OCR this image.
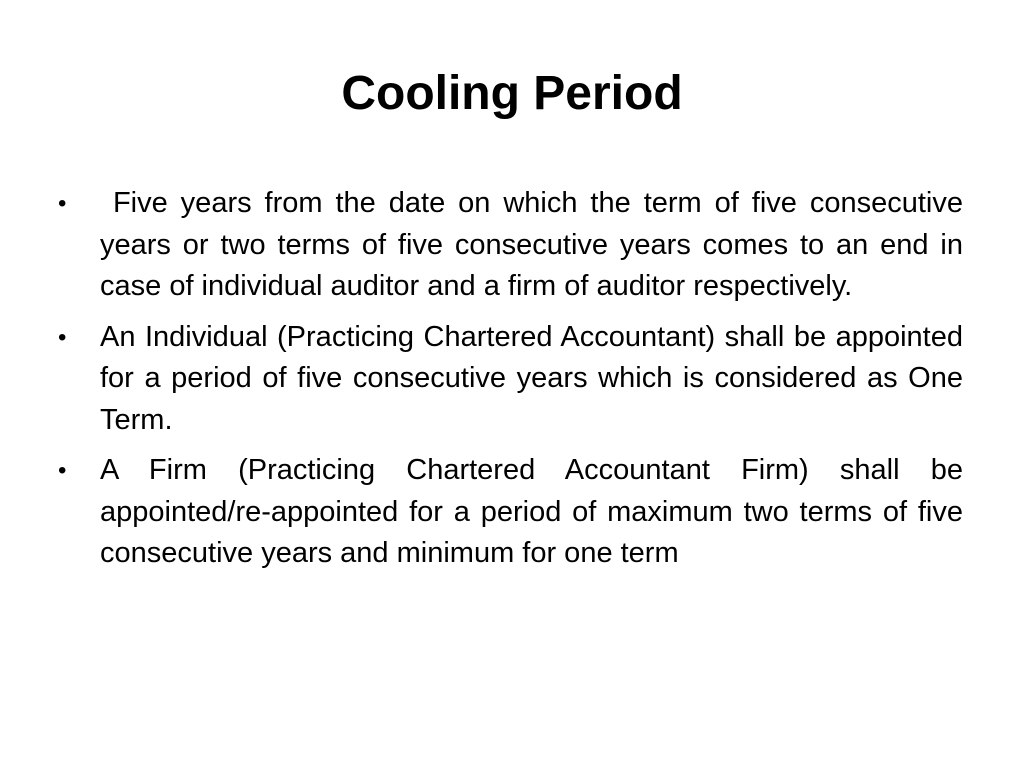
Cooling Period
•	Five years from the date on which the term of five consecutive years or two terms of five consecutive years comes to an end in case of individual auditor and a firm of auditor respectively.
•	An Individual (Practicing Chartered Accountant) shall be appointed for a period of five consecutive years which is considered as One Term.
•	A Firm (Practicing Chartered Accountant Firm) shall be appointed/re-appointed for a period of maximum two terms of five consecutive years and minimum for one term
